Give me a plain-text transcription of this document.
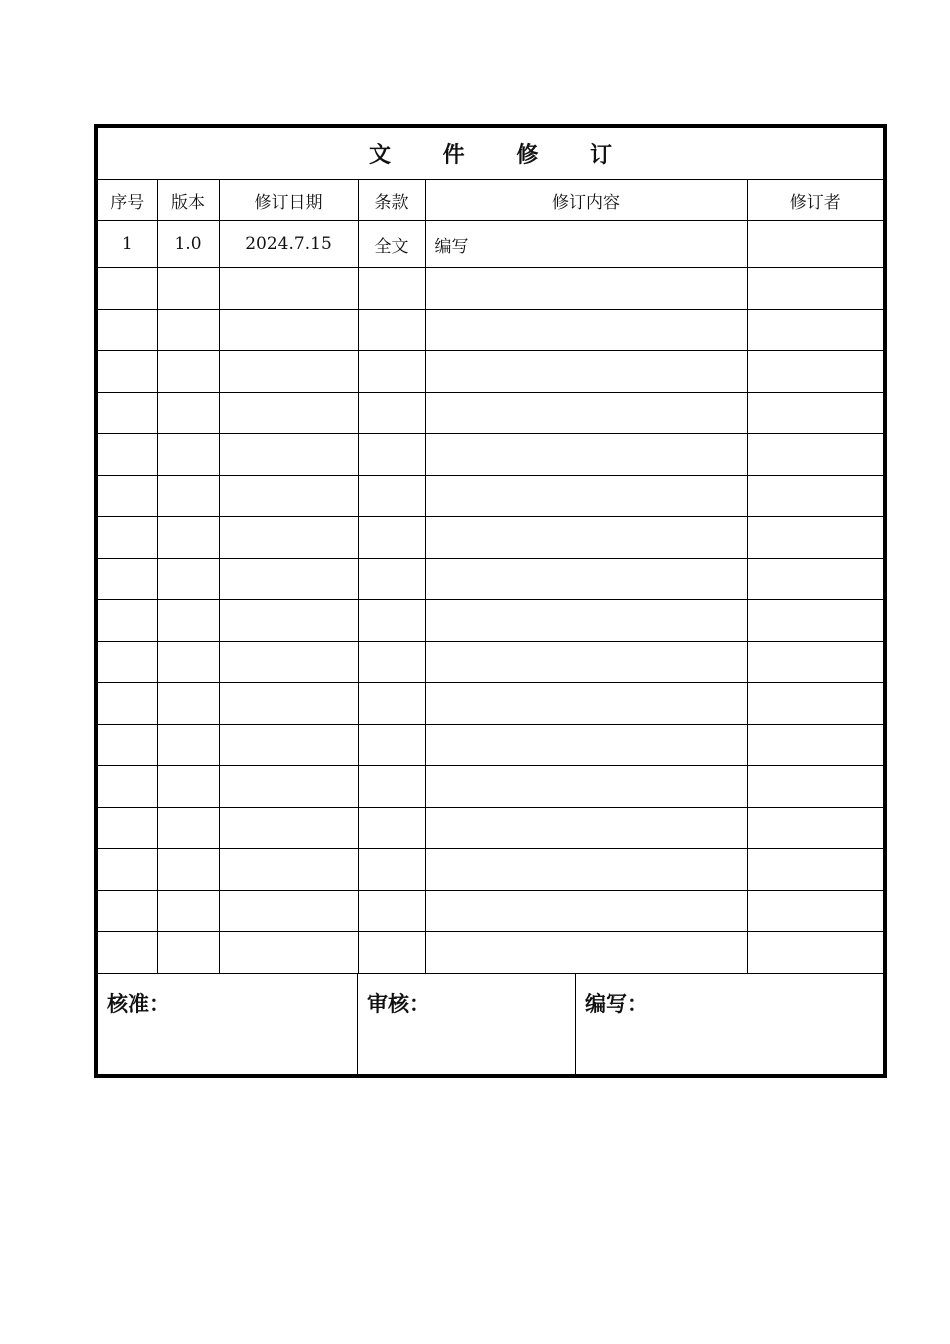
文 件 修 订
序号	版本	修订日期	条款	修订内容	修订者
1	1.0	2024.7.15	全文	编写	

核准：	审核：	编写：
